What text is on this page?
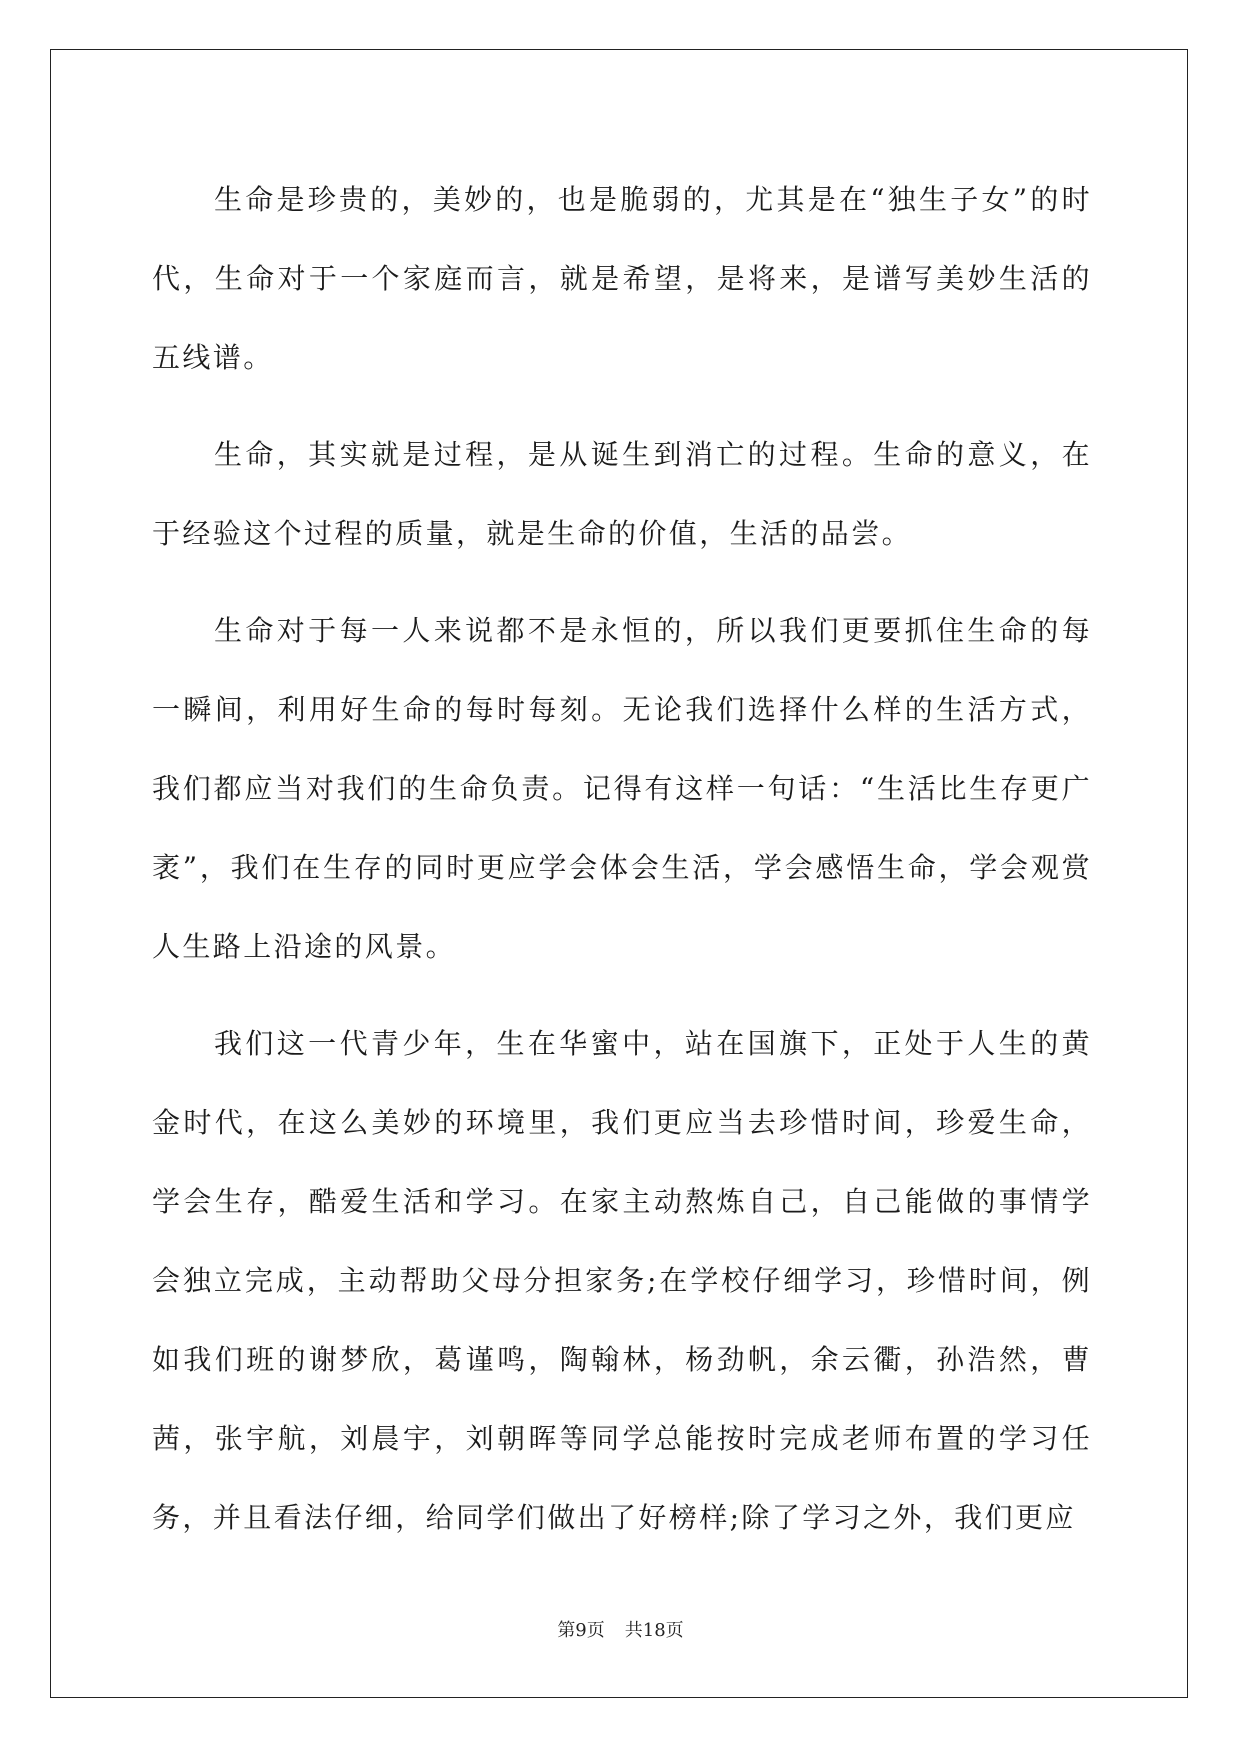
生命是珍贵的，美妙的，也是脆弱的，尤其是在“独生子女”的时代，生命对于一个家庭而言，就是希望，是将来，是谱写美妙生活的五线谱。

生命，其实就是过程，是从诞生到消亡的过程。生命的意义，在于经验这个过程的质量，就是生命的价值，生活的品尝。

生命对于每一人来说都不是永恒的，所以我们更要抓住生命的每一瞬间，利用好生命的每时每刻。无论我们选择什么样的生活方式，我们都应当对我们的生命负责。记得有这样一句话：“生活比生存更广袤”，我们在生存的同时更应学会体会生活，学会感悟生命，学会观赏人生路上沿途的风景。

我们这一代青少年，生在华蜜中，站在国旗下，正处于人生的黄金时代，在这么美妙的环境里，我们更应当去珍惜时间，珍爱生命，学会生存，酷爱生活和学习。在家主动熬炼自己，自己能做的事情学会独立完成，主动帮助父母分担家务;在学校仔细学习，珍惜时间，例如我们班的谢梦欣，葛谨鸣，陶翰林，杨劲帆，余云衢，孙浩然，曹茜，张宇航，刘晨宇，刘朝晖等同学总能按时完成老师布置的学习任务，并且看法仔细，给同学们做出了好榜样;除了学习之外，我们更应

第9页 共18页
